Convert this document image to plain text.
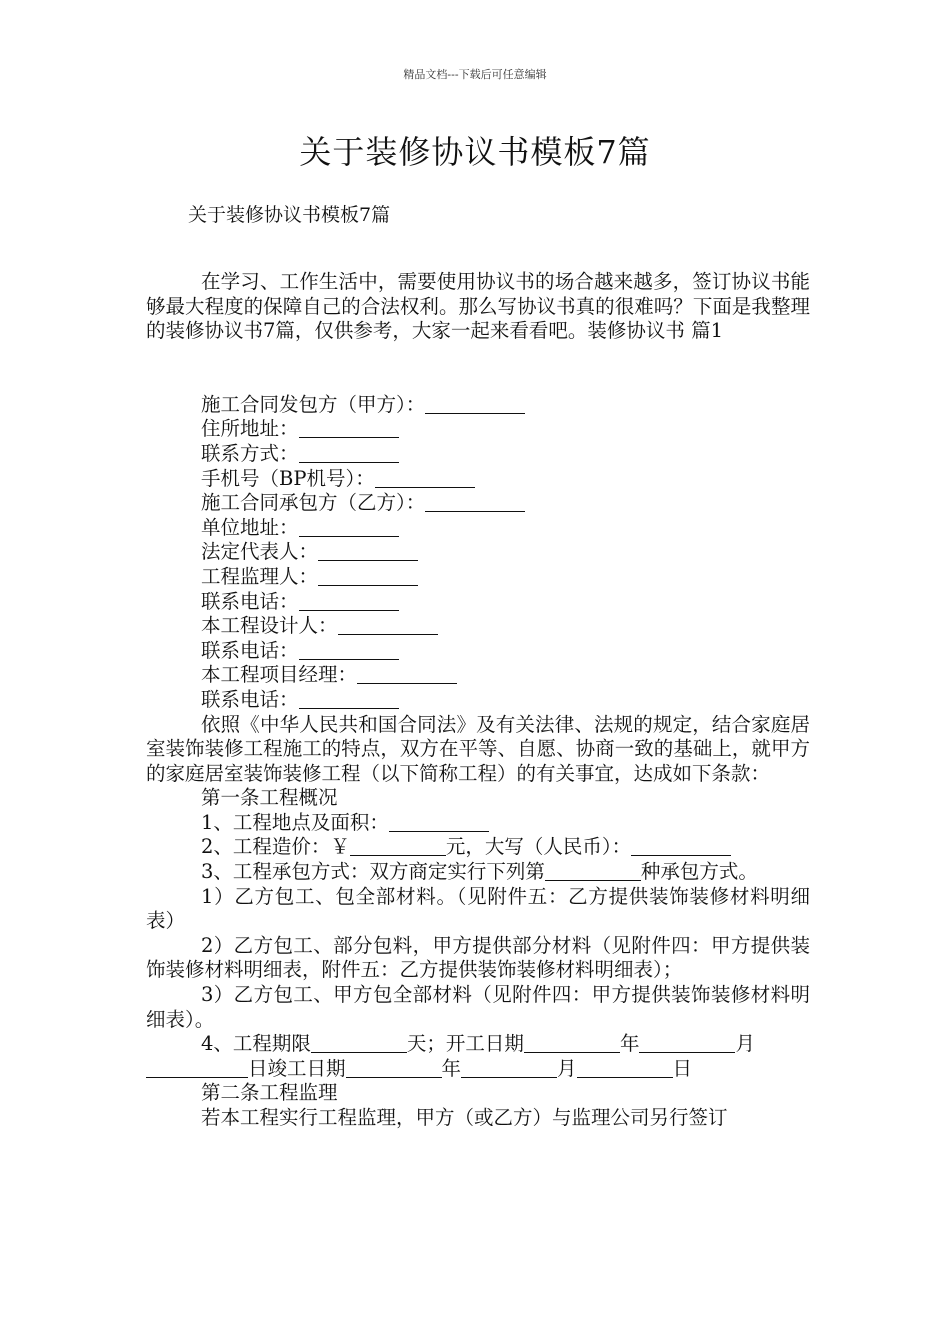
精品文档---下载后可任意编辑
关于装修协议书模板7篇

关于装修协议书模板7篇

在学习、工作生活中，需要使用协议书的场合越来越多，签订协议书能够最大程度的保障自己的合法权利。那么写协议书真的很难吗？下面是我整理的装修协议书7篇，仅供参考，大家一起来看看吧。装修协议书 篇1

施工合同发包方（甲方）：

住所地址：

联系方式：

手机号（BP机号）：

施工合同承包方（乙方）：

单位地址：

法定代表人：

工程监理人：

联系电话：

本工程设计人：

联系电话：

本工程项目经理：

联系电话：

依照《中华人民共和国合同法》及有关法律、法规的规定，结合家庭居室装饰装修工程施工的特点，双方在平等、自愿、协商一致的基础上，就甲方的家庭居室装饰装修工程（以下简称工程）的有关事宜，达成如下条款：

第一条工程概况

1、工程地点及面积：

2、工程造价：￥	元，大写（人民币）：

3、工程承包方式：双方商定实行下列第	种承包方式。

1）乙方包工、包全部材料。（见附件五：乙方提供装饰装修材料明细表）

2）乙方包工、部分包料，甲方提供部分材料（见附件四：甲方提供装饰装修材料明细表，附件五：乙方提供装饰装修材料明细表）；

3）乙方包工、甲方包全部材料（见附件四：甲方提供装饰装修材料明细表）。

4、工程期限	天；开工日期	年	月

日竣工日期	年	月	日

第二条工程监理

若本工程实行工程监理，甲方（或乙方）与监理公司另行签订
